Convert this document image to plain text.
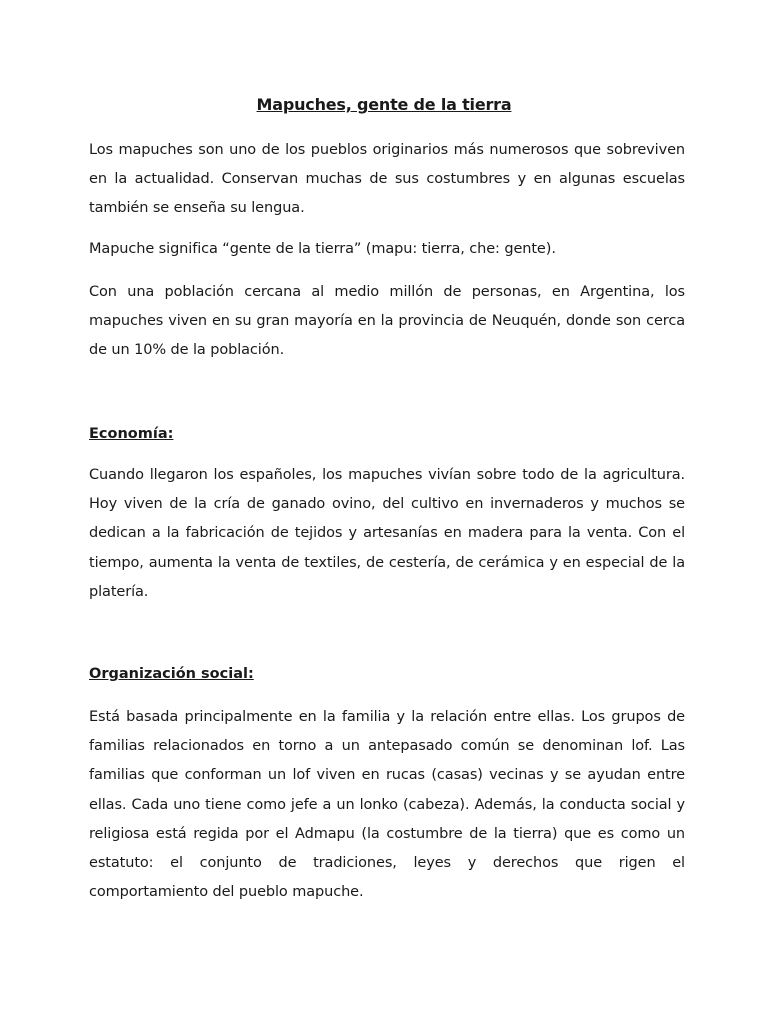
Mapuches, gente de la tierra

Los mapuches son uno de los pueblos originarios más numerosos que sobreviven en la actualidad. Conservan muchas de sus costumbres y en algunas escuelas también se enseña su lengua.

Mapuche significa “gente de la tierra” (mapu: tierra, che: gente).

Con una población cercana al medio millón de personas, en Argentina, los mapuches viven en su gran mayoría en la provincia de Neuquén, donde son cerca de un 10% de la población.

Economía:

Cuando llegaron los españoles, los mapuches vivían sobre todo de la agricultura. Hoy viven de la cría de ganado ovino, del cultivo en invernaderos y muchos se dedican a la fabricación de tejidos y artesanías en madera para la venta. Con el tiempo, aumenta la venta de textiles, de cestería, de cerámica y en especial de la platería.

Organización social:

Está basada principalmente en la familia y la relación entre ellas. Los grupos de familias relacionados en torno a un antepasado común se denominan lof. Las familias que conforman un lof viven en rucas (casas) vecinas y se ayudan entre ellas. Cada uno tiene como jefe a un lonko (cabeza). Además, la conducta social y religiosa está regida por el Admapu (la costumbre de la tierra) que es como un estatuto: el conjunto de tradiciones, leyes y derechos que rigen el comportamiento del pueblo mapuche.
